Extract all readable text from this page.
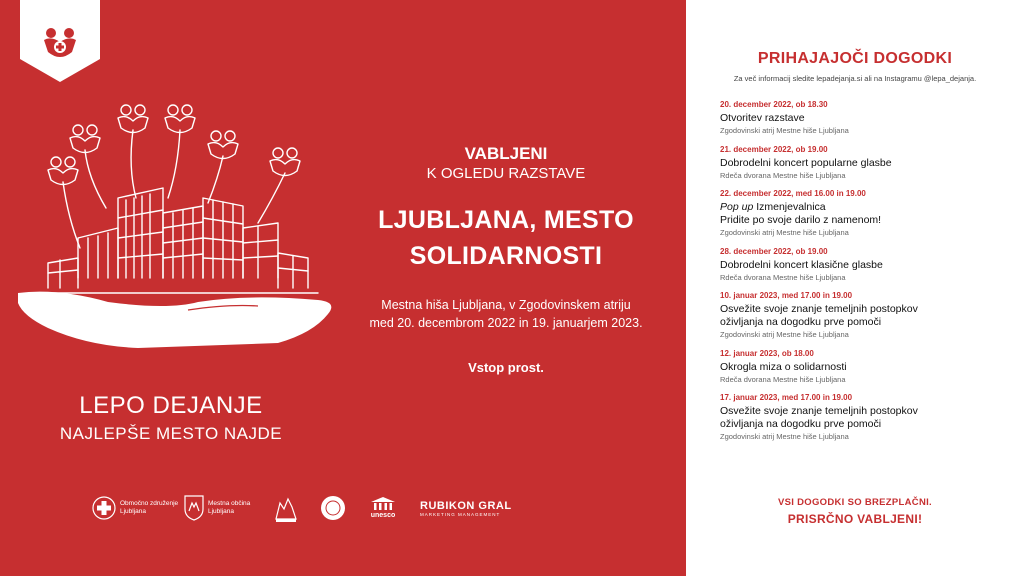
LEPO DEJANJE
NAJLEPŠE MESTO NAJDE
VABLJENI
K OGLEDU RAZSTAVE
LJUBLJANA, MESTO
SOLIDARNOSTI
Mestna hiša Ljubljana, v Zgodovinskem atriju
med 20. decembrom 2022 in 19. januarjem 2023.
Vstop prost.
Območno združenje
Ljubljana
Mestna občina
Ljubljana
unesco
RUBIKON GRAL
MARKETING MANAGEMENT
PRIHAJAJOČI DOGODKI
Za več informacij sledite lepadejanja.si ali na Instagramu @lepa_dejanja.
20. december 2022, ob 18.30
Otvoritev razstave
Zgodovinski atrij Mestne hiše Ljubljana
21. december 2022, ob 19.00
Dobrodelni koncert popularne glasbe
Rdeča dvorana Mestne hiše Ljubljana
22. december 2022, med 16.00 in 19.00
Pop up Izmenjevalnica
Pridite po svoje darilo z namenom!
Zgodovinski atrij Mestne hiše Ljubljana
28. december 2022, ob 19.00
Dobrodelni koncert klasične glasbe
Rdeča dvorana Mestne hiše Ljubljana
10. januar 2023, med 17.00 in 19.00
Osvežite svoje znanje temeljnih postopkov
oživljanja na dogodku prve pomoči
Zgodovinski atrij Mestne hiše Ljubljana
12. januar 2023, ob 18.00
Okrogla miza o solidarnosti
Rdeča dvorana Mestne hiše Ljubljana
17. januar 2023, med 17.00 in 19.00
Osvežite svoje znanje temeljnih postopkov
oživljanja na dogodku prve pomoči
Zgodovinski atrij Mestne hiše Ljubljana
VSI DOGODKI SO BREZPLAČNI.
PRISRČNO VABLJENI!
